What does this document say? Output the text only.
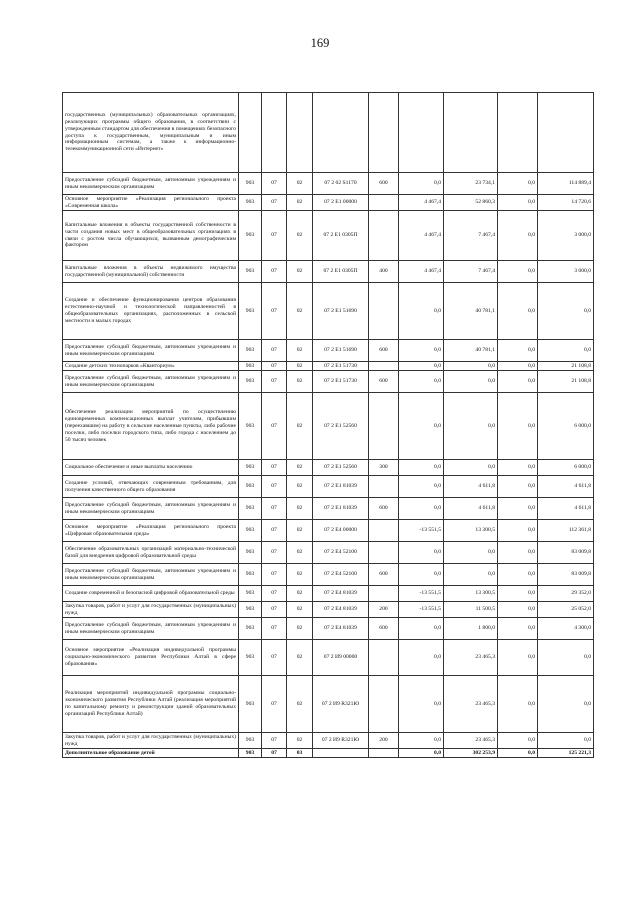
169
государственных (муниципальных) образовательных организациях, реализующих программы общего образования, в соответствии с утвержденным стандартом для обеспечения в помещениях безопасного доступа к государственным, муниципальным и иным информационным системам, а также к информационно-телекоммуникационной сети «Интернет»									
Предоставление субсидий бюджетным, автономным учреждениям и иным некоммерческим организациям	903	07	02	07 2 02 S1170	600	0,0	23 734,1	0,0	114 889,4
Основное мероприятие «Реализация регионального проекта «Современная школа»	903	07	02	07 2 E1 00000		4 467,4	52 860,3	0,0	14 720,6
Капитальные вложения в объекты государственной собственности в части создания новых мест в общеобразовательных организациях в связи с ростом числа обучающихся, вызванным демографическим фактором	903	07	02	07 2 E1 0305П		4 467,4	7 467,4	0,0	3 000,0
Капитальные вложения в объекты недвижимого имущества государственной (муниципальной) собственности	903	07	02	07 2 E1 0305П	400	4 467,4	7 467,4	0,0	3 000,0
Создание и обеспечение функционирования центров образования естественно-научной и технологической направленностей в общеобразовательных организациях, расположенных в сельской местности и малых городах	903	07	02	07 2 E1 51690		0,0	40 781,1	0,0	0,0
Предоставление субсидий бюджетным, автономным учреждениям и иным некоммерческим организациям	903	07	02	07 2 E1 51690	600	0,0	40 781,1	0,0	0,0
Создание детских технопарков «Кванториум»	903	07	02	07 2 E1 51730		0,0	0,0	0,0	21 108,8
Предоставление субсидий бюджетным, автономным учреждениям и иным некоммерческим организациям	903	07	02	07 2 E1 51730	600	0,0	0,0	0,0	21 108,8
Обеспечение реализации мероприятий по осуществлению единовременных компенсационных выплат учителям, прибывшим (переехавшим) на работу в сельские населенные пункты, либо рабочие поселки, либо поселки городского типа, либо города с населением до 50 тысяч человек	903	07	02	07 2 E1 52560		0,0	0,0	0,0	6 000,0
Социальное обеспечение и иные выплаты населению	903	07	02	07 2 E1 52560	300	0,0	0,0	0,0	6 000,0
Создание условий, отвечающих современным требованиям, для получения качественного общего образования	903	07	02	07 2 E1 81039		0,0	4 611,8	0,0	4 611,8
Предоставление субсидий бюджетным, автономным учреждениям и иным некоммерческим организациям	903	07	02	07 2 E1 81039	600	0,0	4 611,8	0,0	4 611,8
Основное мероприятие «Реализация регионального проекта «Цифровая образовательная среда»	903	07	02	07 2 E4 00000		-13 551,5	13 300,5	0,0	112 361,8
Обеспечение образовательных организаций материально-технической базой для внедрения цифровой образовательной среды	903	07	02	07 2 E4 52100		0,0	0,0	0,0	83 009,8
Предоставление субсидий бюджетным, автономным учреждениям и иным некоммерческим организациям	903	07	02	07 2 E4 52100	600	0,0	0,0	0,0	83 009,8
Создание современной и безопасной цифровой образовательной среды	903	07	02	07 2 E4 81039		-13 551,5	13 300,5	0,0	29 352,0
Закупка товаров, работ и услуг для государственных (муниципальных) нужд	903	07	02	07 2 E4 81039	200	-13 551,5	11 500,5	0,0	25 052,0
Предоставление субсидий бюджетным, автономным учреждениям и иным некоммерческим организациям	903	07	02	07 2 E4 81039	600	0,0	1 800,0	0,0	4 300,0
Основное мероприятие «Реализация индивидуальной программы социально-экономического развития Республики Алтай в сфере образования»	903	07	02	07 2 И9 00000		0,0	23 465,3	0,0	0,0
Реализация мероприятий индивидуальной программы социально-экономического развития Республики Алтай (реализация мероприятий по капитальному ремонту и реконструкции зданий образовательных организаций Республики Алтай)	903	07	02	07 2 И9 R321Ю		0,0	23 465,3	0,0	0,0
Закупка товаров, работ и услуг для государственных (муниципальных) нужд	903	07	02	07 2 И9 R321Ю	200	0,0	23 465,3	0,0	0,0
Дополнительное образование детей	903	07	03			0,0	302 253,9	0,0	125 221,3
